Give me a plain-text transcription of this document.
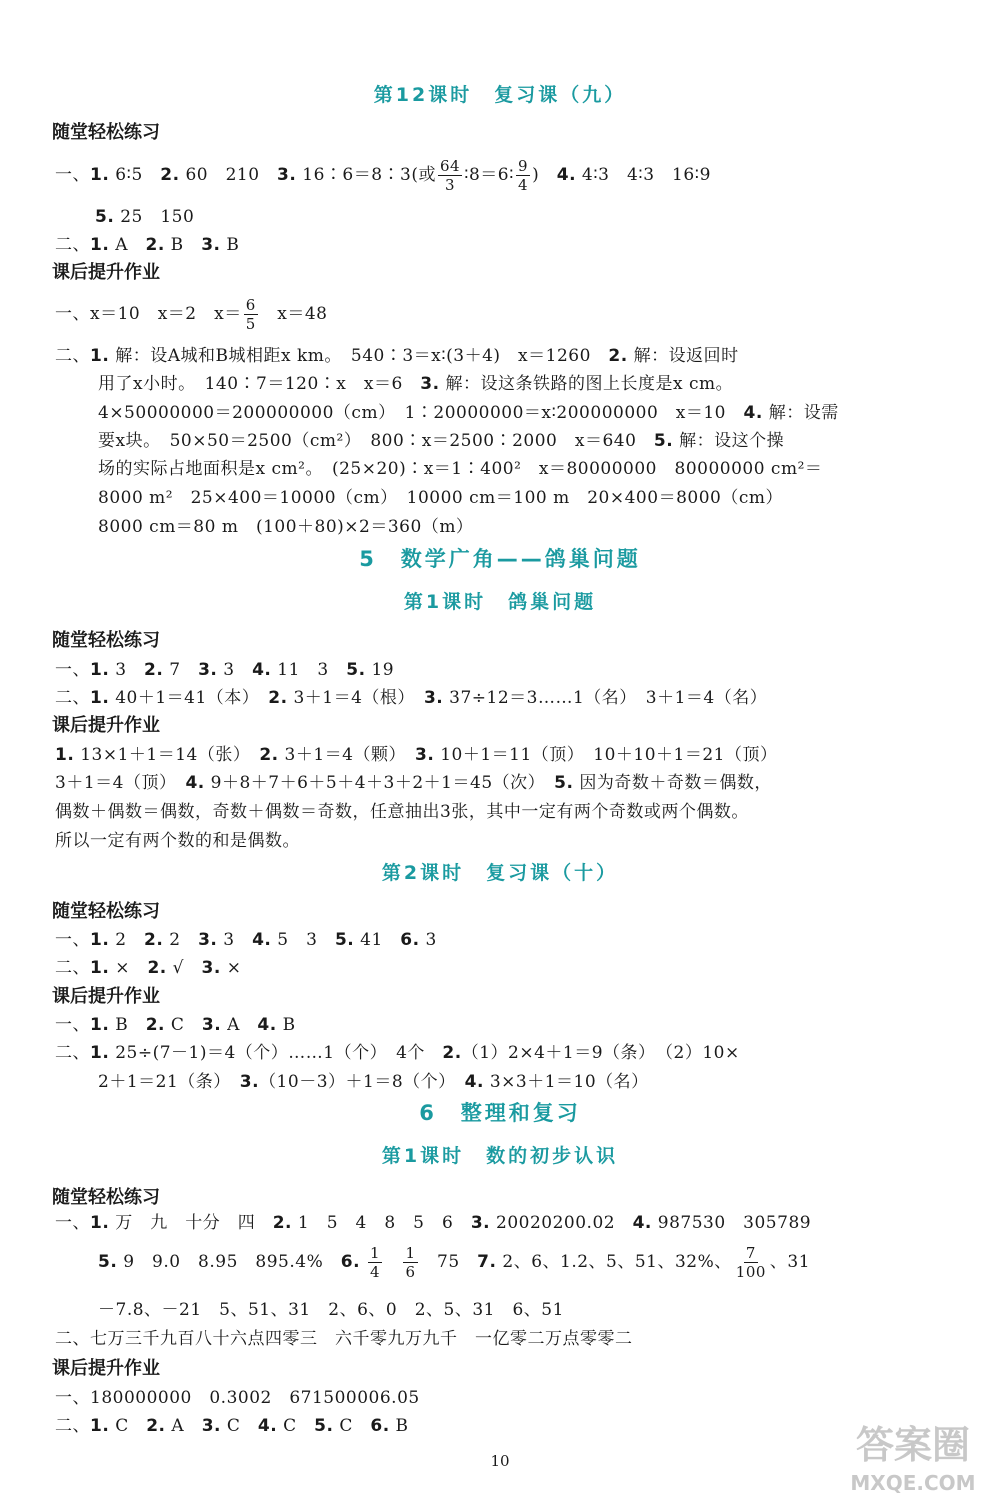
第12课时　复习课（九）
随堂轻松练习
一、1. 6∶5　2. 60　210　3. 16∶6＝8∶3(或 $\frac{64}{3}$ ∶8＝6∶ $\frac{9}{4}$ )　4. 4∶3　4∶3　16∶9
5. 25　150
二、1. A　2. B　3. B
课后提升作业
一、x＝10　x＝2　$x= \frac{6}{5}$ 　x＝48
二、1. 解：设A城和B城相距x km。　540∶3＝x∶(3＋4)　x＝1260　2. 解：设返回时
用了x小时。　140∶7＝120∶x　x＝6　3. 解：设这条铁路的图上长度是x cm。
4×50000000＝200000000（cm）　1∶20000000＝x∶200000000　x＝10　4. 解：设需
要x块。　50×50＝2500（cm²）　800∶x＝2500∶2000　x＝640　5. 解：设这个操
场的实际占地面积是x cm²。　(25×20)∶x＝1∶400²　x＝80000000　80000000 cm²＝
8000 m²　25×400＝10000（cm）　10000 cm＝100 m　20×400＝8000（cm）
8000 cm＝80 m　(100＋80)×2＝360（m）
5　数学广角——鸽巢问题
第1课时　鸽巢问题
随堂轻松练习
一、1. 3　2. 7　3. 3　4. 11　3　5. 19
二、1. 40＋1＝41（本）　2. 3＋1＝4（根）　3. 37÷12＝3……1（名）　3＋1＝4（名）
课后提升作业
1. 13×1＋1＝14（张）　2. 3＋1＝4（颗）　3. 10＋1＝11（顶）　10＋10＋1＝21（顶）
3＋1＝4（顶）　4. 9＋8＋7＋6＋5＋4＋3＋2＋1＝45（次）　5. 因为奇数＋奇数＝偶数，
偶数＋偶数＝偶数，奇数＋偶数＝奇数，任意抽出3张，其中一定有两个奇数或两个偶数。
所以一定有两个数的和是偶数。
第2课时　复习课（十）
随堂轻松练习
一、1. 2　2. 2　3. 3　4. 5　3　5. 41　6. 3
二、1. ×　2. √　3. ×
课后提升作业
一、1. B　2. C　3. A　4. B
二、1. 25÷(7－1)＝4（个）……1（个）　4个　2.（1）2×4＋1＝9（条）　（2）10×
2＋1＝21（条）　3.（10－3）＋1＝8（个）　4. 3×3＋1＝10（名）
6　整理和复习
第1课时　数的初步认识
随堂轻松练习
一、1. 万　九　十分　四　2. 1　5　4　8　5　6　3. 20020200.02　4. 987530　305789
5. 9　9.0　8.95　895.4%　6. $\frac{1}{4}$
　 $\frac{1}{6}$
　 75　7. 2、6、1.2、5、51、32%、 $\frac{7}{100}$ 、31
－7.8、－21　5、51、31　2、6、0　2、5、31　6、51
二、七万三千九百八十六点四零三　六千零九万九千　一亿零二万点零零二
课后提升作业
一、180000000　0.3002　671500006.05
二、1. C　2. A　3. C　4. C　5. C　6. B
10	答案圈
MXQE.COM
